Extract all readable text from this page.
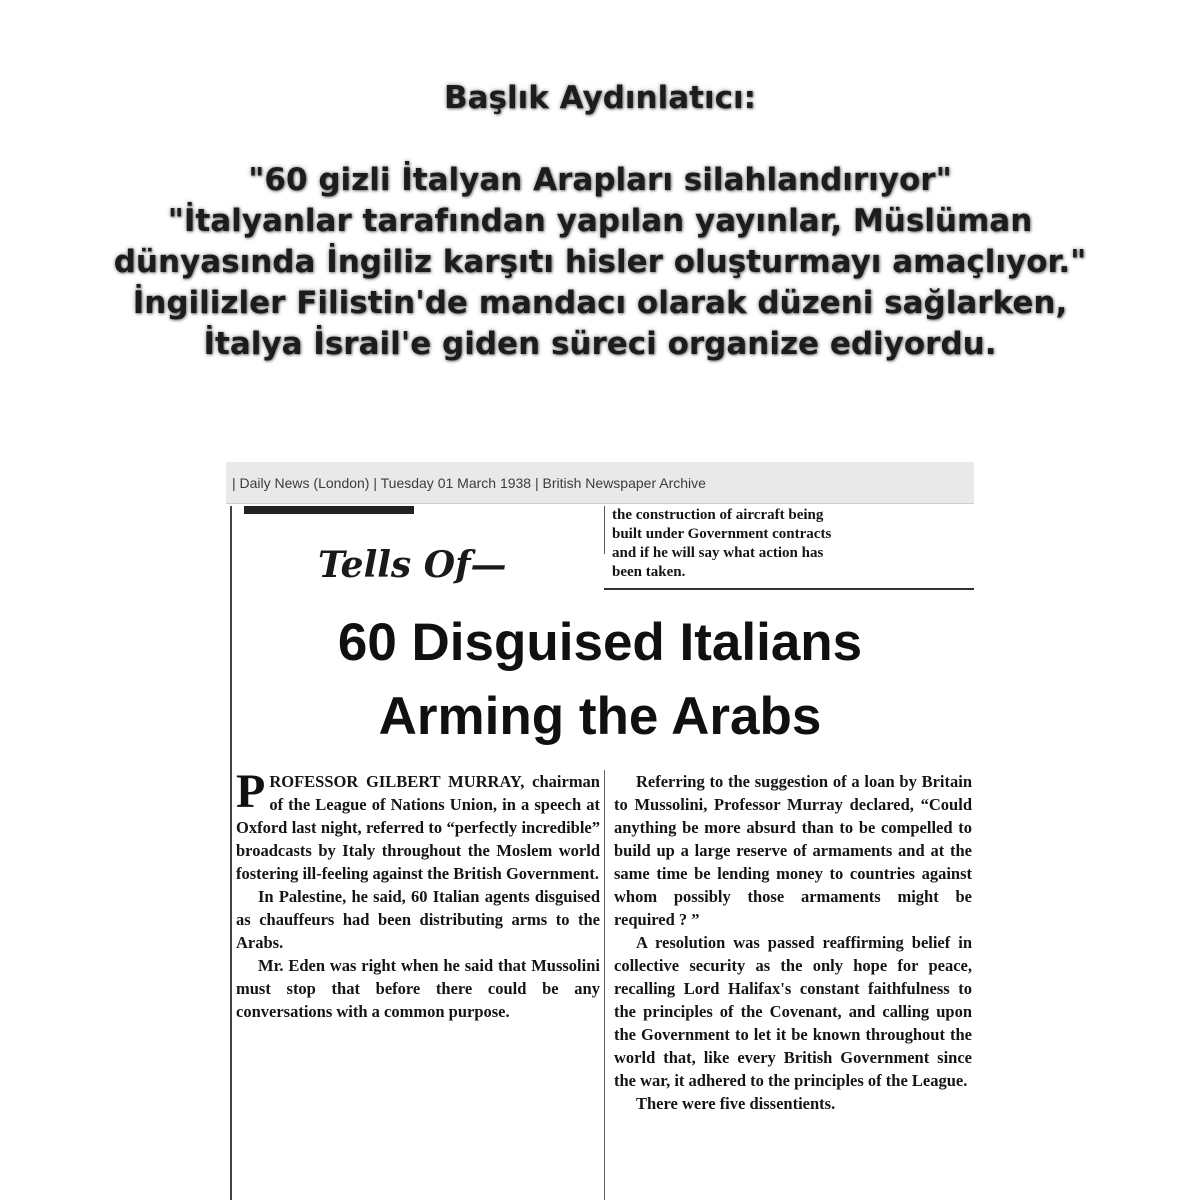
Başlık Aydınlatıcı:
"60 gizli İtalyan Arapları silahlandırıyor"
"İtalyanlar tarafından yapılan yayınlar, Müslüman
dünyasında İngiliz karşıtı hisler oluşturmayı amaçlıyor."
İngilizler Filistin'de mandacı olarak düzeni sağlarken,
İtalya İsrail'e giden süreci organize ediyordu.
| Daily News (London) | Tuesday 01 March 1938 | British Newspaper Archive
the construction of aircraft being
built under Government contracts
and if he will say what action has
been taken.
Tells Of—
60 Disguised Italians
Arming the Arabs

PROFESSOR GILBERT MURRAY, chairman of the League of Nations Union, in a speech at Oxford last night, referred to “perfectly incredible” broadcasts by Italy throughout the Moslem world fostering ill-feeling against the British Government.

In Palestine, he said, 60 Italian agents disguised as chauffeurs had been distributing arms to the Arabs.

Mr. Eden was right when he said that Mussolini must stop that before there could be any conversations with a common purpose.

Referring to the suggestion of a loan by Britain to Mussolini, Professor Murray declared, “Could anything be more absurd than to be compelled to build up a large reserve of armaments and at the same time be lending money to countries against whom possibly those armaments might be required ? ”

A resolution was passed reaffirming belief in collective security as the only hope for peace, recalling Lord Halifax's constant faithfulness to the principles of the Covenant, and calling upon the Government to let it be known throughout the world that, like every British Government since the war, it adhered to the principles of the League.

There were five dissentients.
